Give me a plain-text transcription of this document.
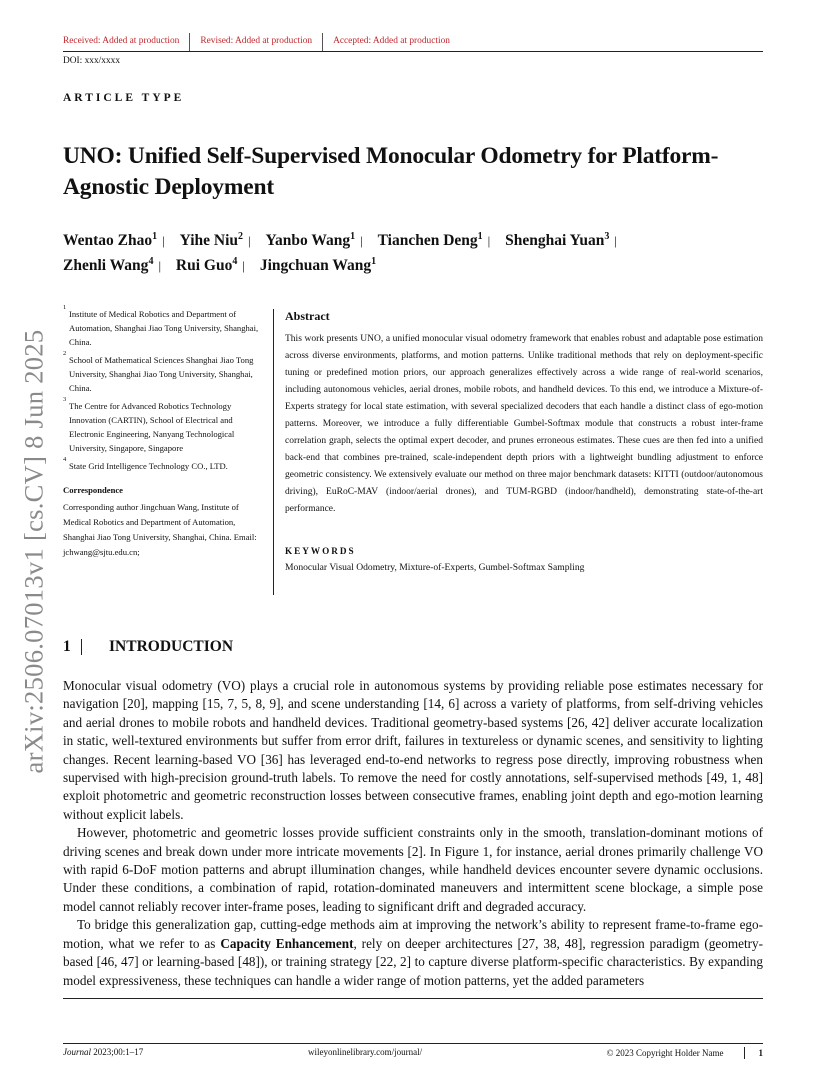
Received: Added at production	Revised: Added at production	Accepted: Added at production
DOI: xxx/xxxx
ARTICLE TYPE
UNO: Unified Self-Supervised Monocular Odometry for Platform-Agnostic Deployment
Wentao Zhao$^1$ | Yihe Niu$^2$ | Yanbo Wang$^1$ | Tianchen Deng$^1$ | Shenghai Yuan$^3$ |
Zhenli Wang$^4$ | Rui Guo$^4$ | Jingchuan Wang$^1$
arXiv:2506.07013v1 [cs.CV] 8 Jun 2025
1
Institute of Medical Robotics and Department of Automation, Shanghai Jiao Tong University, Shanghai, China.
2
School of Mathematical Sciences Shanghai Jiao Tong University, Shanghai Jiao Tong University, Shanghai, China.
3
The Centre for Advanced Robotics Technology Innovation (CARTIN), School of Electrical and Electronic Engineering, Nanyang Technological University, Singapore, Singapore
4
State Grid Intelligence Technology CO., LTD.
Correspondence
Corresponding author Jingchuan Wang, Institute of Medical Robotics and Department of Automation, Shanghai Jiao Tong University, Shanghai, China. Email: jchwang@sjtu.edu.cn;
Abstract
This work presents UNO, a unified monocular visual odometry framework that enables robust and adaptable pose estimation across diverse environments, platforms, and motion patterns. Unlike traditional methods that rely on deployment-specific tuning or predefined motion priors, our approach generalizes effectively across a wide range of real-world scenarios, including autonomous vehicles, aerial drones, mobile robots, and handheld devices. To this end, we introduce a Mixture-of-Experts strategy for local state estimation, with several specialized decoders that each handle a distinct class of ego-motion patterns. Moreover, we introduce a fully differentiable Gumbel-Softmax module that constructs a robust inter-frame correlation graph, selects the optimal expert decoder, and prunes erroneous estimates. These cues are then fed into a unified back-end that combines pre-trained, scale-independent depth priors with a lightweight bundling adjustment to enforce geometric consistency. We extensively evaluate our method on three major benchmark datasets: KITTI (outdoor/autonomous driving), EuRoC-MAV (indoor/aerial drones), and TUM-RGBD (indoor/handheld), demonstrating state-of-the-art performance.
KEYWORDS
Monocular Visual Odometry, Mixture-of-Experts, Gumbel-Softmax Sampling
1	INTRODUCTION

Monocular visual odometry (VO) plays a crucial role in autonomous systems by providing reliable pose estimates necessary for navigation [20], mapping [15, 7, 5, 8, 9], and scene understanding [14, 6] across a variety of platforms, from self-driving vehicles and aerial drones to mobile robots and handheld devices. Traditional geometry-based systems [26, 42] deliver accurate localization in static, well-textured environments but suffer from error drift, failures in textureless or dynamic scenes, and sensitivity to lighting changes. Recent learning-based VO [36] has leveraged end-to-end networks to regress pose directly, improving robustness when supervised with high-precision ground-truth labels. To remove the need for costly annotations, self-supervised methods [49, 1, 48] exploit photometric and geometric reconstruction losses between consecutive frames, enabling joint depth and ego-motion learning without explicit labels.

However, photometric and geometric losses provide sufficient constraints only in the smooth, translation-dominant motions of driving scenes and break down under more intricate movements [2]. In Figure 1, for instance, aerial drones primarily challenge VO with rapid 6-DoF motion patterns and abrupt illumination changes, while handheld devices encounter severe dynamic occlusions. Under these conditions, a combination of rapid, rotation-dominated maneuvers and intermittent scene blockage, a simple pose model cannot reliably recover inter-frame poses, leading to significant drift and degraded accuracy.

To bridge this generalization gap, cutting-edge methods aim at improving the network’s ability to represent frame-to-frame ego-motion, what we refer to as Capacity Enhancement, rely on deeper architectures [27, 38, 48], regression paradigm (geometry-based [46, 47] or learning-based [48]), or training strategy [22, 2] to capture diverse platform-specific characteristics. By expanding model expressiveness, these techniques can handle a wider range of motion patterns, yet the added parameters

Journal 2023;00:1–17	wileyonlinelibrary.com/journal/	© 2023 Copyright Holder Name	1
